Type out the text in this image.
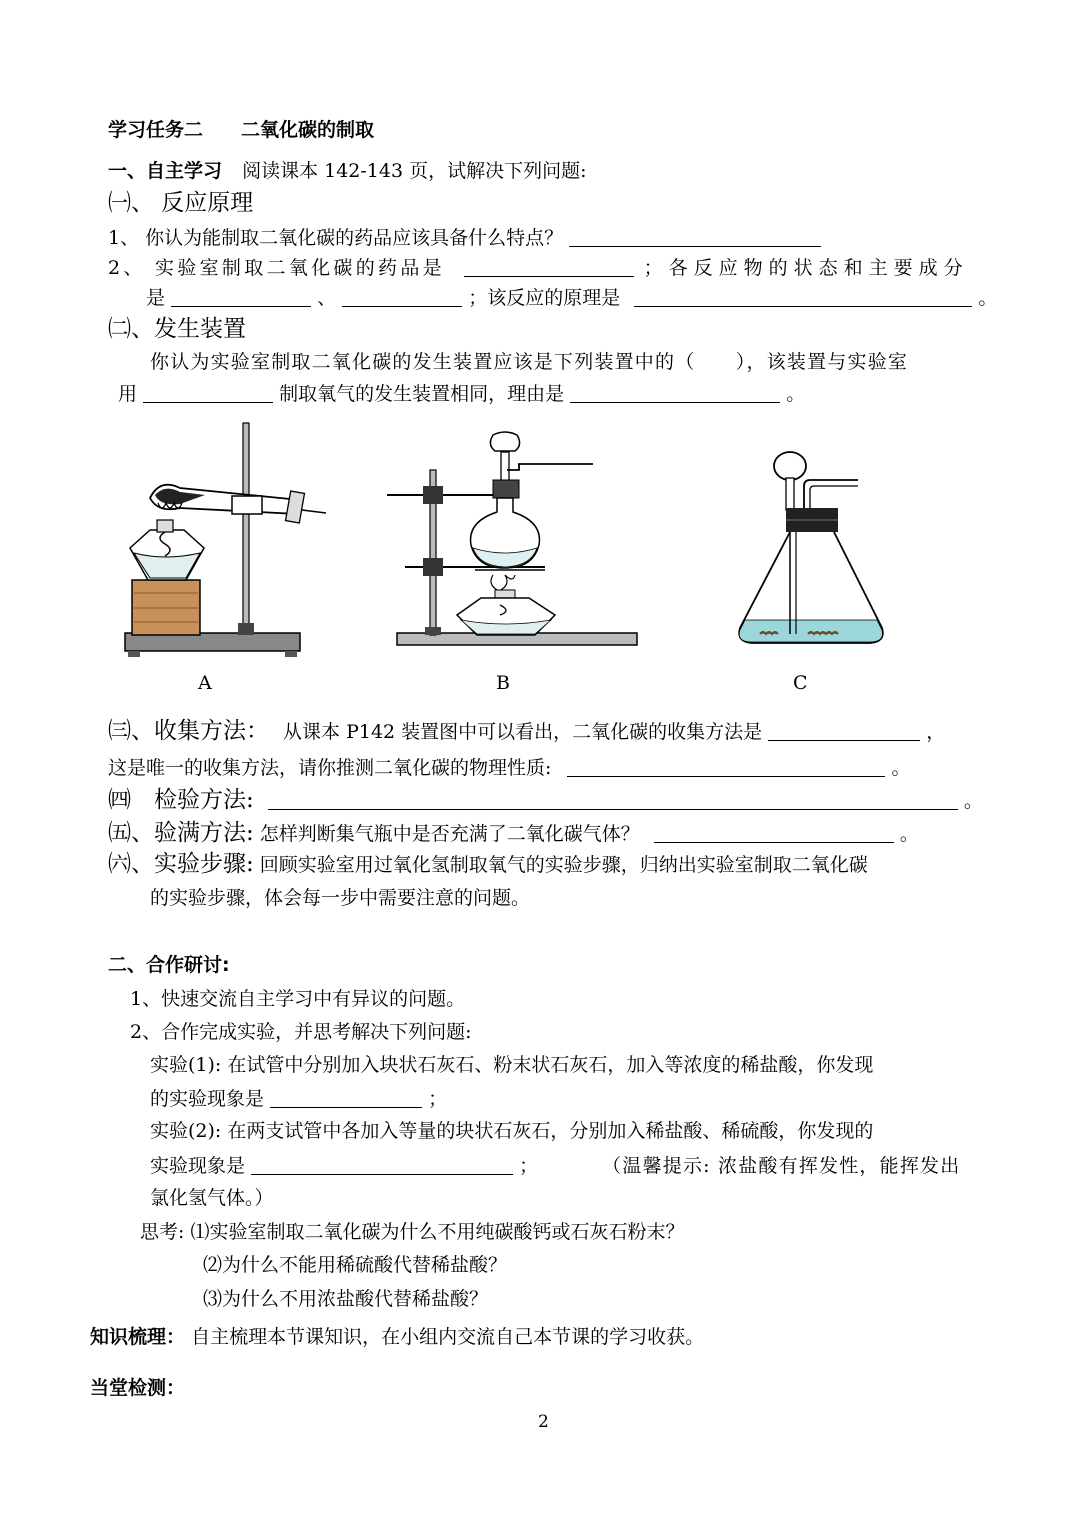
学习任务二　　二氧化碳的制取
一、自主学习 阅读课本 142-143 页，试解决下列问题:
㈠、 反应原理
1、 你认为能制取二氧化碳的药品应该具备什么特点？
2、 实验室制取二氧化碳的药品是	；各反应物的状态和主要成分
是	、	；该反应的原理是	。
㈡、发生装置
你认为实验室制取二氧化碳的发生装置应该是下列装置中的（　　），该装置与实验室
用	制取氧气的发生装置相同，理由是	。
A	B	C
㈢、收集方法： 从课本 P142 装置图中可以看出，二氧化碳的收集方法是	，
这是唯一的收集方法，请你推测二氧化碳的物理性质:	。
㈣　检验方法:	。
㈤、验满方法: 怎样判断集气瓶中是否充满了二氧化碳气体？	。
㈥、实验步骤: 回顾实验室用过氧化氢制取氧气的实验步骤，归纳出实验室制取二氧化碳
的实验步骤，体会每一步中需要注意的问题。
二、合作研讨:
1、快速交流自主学习中有异议的问题。
2、合作完成实验，并思考解决下列问题:
实验(1): 在试管中分别加入块状石灰石、粉末状石灰石，加入等浓度的稀盐酸，你发现
的实验现象是	；
实验(2): 在两支试管中各加入等量的块状石灰石，分别加入稀盐酸、稀硫酸，你发现的
实验现象是	；	（温馨提示: 浓盐酸有挥发性，能挥发出
氯化氢气体。）
思考: ⑴实验室制取二氧化碳为什么不用纯碳酸钙或石灰石粉末？
⑵为什么不能用稀硫酸代替稀盐酸？
⑶为什么不用浓盐酸代替稀盐酸？
知识梳理： 自主梳理本节课知识，在小组内交流自己本节课的学习收获。
当堂检测：
2
